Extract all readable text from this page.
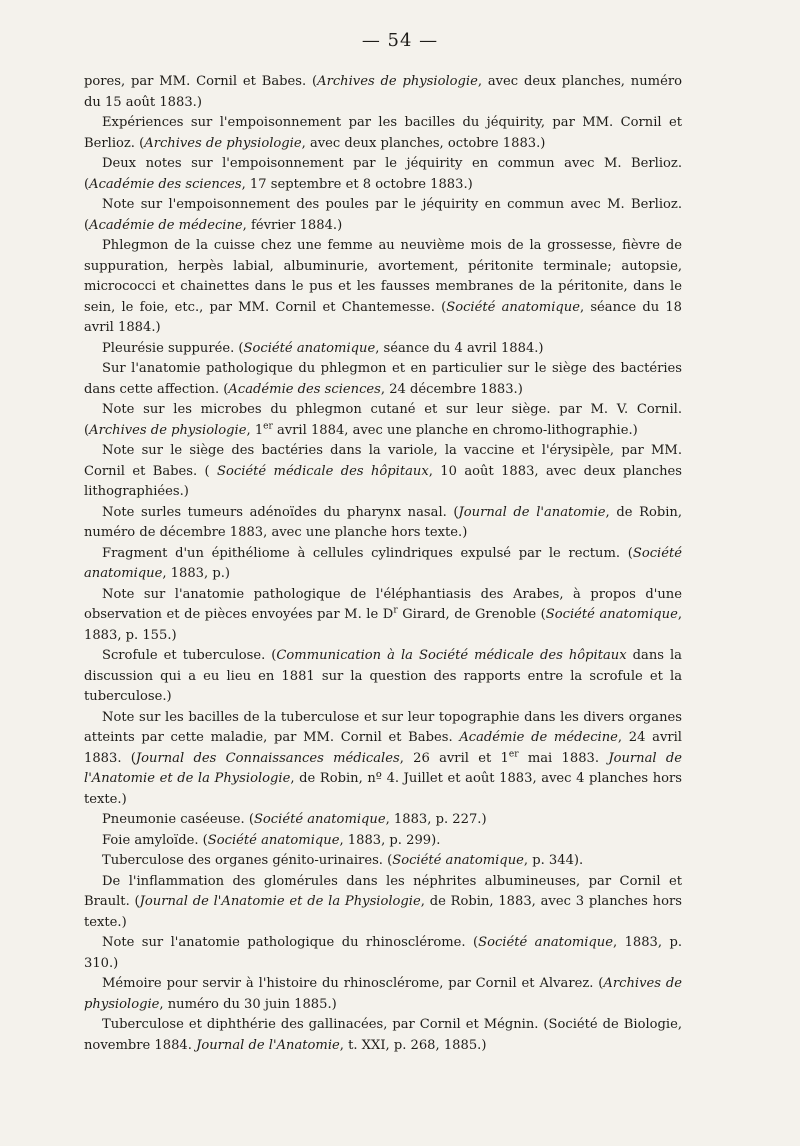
— 54 —

pores, par MM. Cornil et Babes. (Archives de physiologie, avec deux planches, numéro du 15 août 1883.)

Expériences sur l'empoisonnement par les bacilles du jéquirity, par MM. Cornil et Berlioz. (Archives de physiologie, avec deux planches, octobre 1883.)

Deux notes sur l'empoisonnement par le jéquirity en commun avec M. Berlioz. (Académie des sciences, 17 septembre et 8 octobre 1883.)

Note sur l'empoisonnement des poules par le jéquirity en commun avec M. Berlioz. (Académie de médecine, février 1884.)

Phlegmon de la cuisse chez une femme au neuvième mois de la grossesse, fièvre de suppuration, herpès labial, albuminurie, avortement, péritonite terminale; autopsie, micrococci et chainettes dans le pus et les fausses membranes de la péritonite, dans le sein, le foie, etc., par MM. Cornil et Chantemesse. (Société anatomique, séance du 18 avril 1884.)

Pleurésie suppurée. (Société anatomique, séance du 4 avril 1884.)

Sur l'anatomie pathologique du phlegmon et en particulier sur le siège des bactéries dans cette affection. (Académie des sciences, 24 décembre 1883.)

Note sur les microbes du phlegmon cutané et sur leur siège. par M. V. Cornil. (Archives de physiologie, 1er avril 1884, avec une planche en chromo-lithographie.)

Note sur le siège des bactéries dans la variole, la vaccine et l'érysipèle, par MM. Cornil et Babes. ( Société médicale des hôpitaux, 10 août 1883, avec deux planches lithographiées.)

Note surles tumeurs adénoïdes du pharynx nasal. (Journal de l'anatomie, de Robin, numéro de décembre 1883, avec une planche hors texte.)

Fragment d'un épithéliome à cellules cylindriques expulsé par le rectum. (Société anatomique, 1883, p.)

Note sur l'anatomie pathologique de l'éléphantiasis des Arabes, à propos d'une observation et de pièces envoyées par M. le $D^r$ Girard, de Grenoble (Société anatomique, 1883, p. 155.)

Scrofule et tuberculose. (Communication à la Société médicale des hôpitaux dans la discussion qui a eu lieu en 1881 sur la question des rapports entre la scrofule et la tuberculose.)

Note sur les bacilles de la tuberculose et sur leur topographie dans les divers organes atteints par cette maladie, par MM. Cornil et Babes. Académie de médecine, 24 avril 1883. (Journal des Connaissances médicales, 26 avril et 1er mai 1883. Journal de l'Anatomie et de la Physiologie, de Robin, nº 4. Juillet et août 1883, avec 4 planches hors texte.)

Pneumonie caséeuse. (Société anatomique, 1883, p. 227.)

Foie amyloïde. (Société anatomique, 1883, p. 299).

Tuberculose des organes génito-urinaires. (Société anatomique, p. 344).

De l'inflammation des glomérules dans les néphrites albumineuses, par Cornil et Brault. (Journal de l'Anatomie et de la Physiologie, de Robin, 1883, avec 3 planches hors texte.)

Note sur l'anatomie pathologique du rhinosclérome. (Société anatomique, 1883, p. 310.)

Mémoire pour servir à l'histoire du rhinosclérome, par Cornil et Alvarez. (Archives de physiologie, numéro du 30 juin 1885.)

Tuberculose et diphthérie des gallinacées, par Cornil et Mégnin. (Société de Biologie, novembre 1884. Journal de l'Anatomie, t. XXI, p. 268, 1885.)
